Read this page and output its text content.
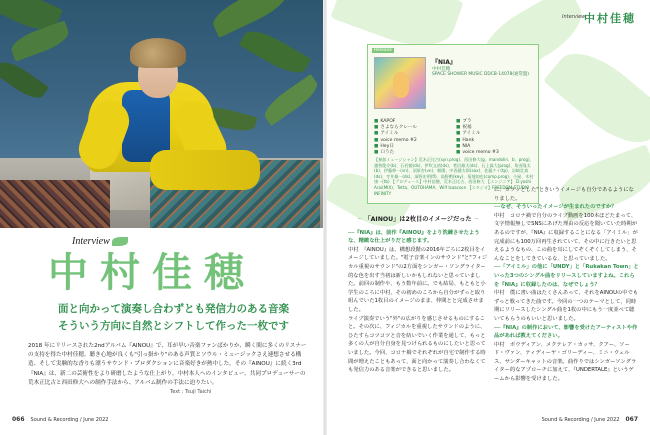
Interview
中村佳穂
面と向かって演奏し合わずとも発信力のある音楽
そういう方向に自然とシフトして作った一枚です
2018 年にリリースされた2ndアルバム『AINOU』で、耳が早い音楽ファンばかりか、瞬く間に多くのリスナーの支持を得た中村佳穂。聴き心地が良くも"引っ掛かり"のある声質とソウル・ミュージックさえ連想させる構造、そして実験的な香りも漂うサウンド・プロダクションに音楽好きが熱中した。その『AINOU』に続く3rd『NIA』は、新二の芸術性をより研磨したような仕上がり。中村本人へのインタビュー、共同プロデューサーの荒木正比古と西田修大への制作手法から、アルバム制作の手法に迫りたい。
Text : Tsuji Taichi
066 Sound & Recording / June 2022
Interview
中村佳穂
Release
『NIA』
中村佳穂
SPACE SHOWER MUSIC DDCB-14078(通常盤)
■ KAPOF
■ さよならクレール
■ アイミル
■ voice memo #2
■ Hey日
■ 口うた
■ ブラ
■ 祝福
■ アイミル
■ Hank
■ NIA
■ voice memo #3
【参加ミュージシャン】荒木正比古(syn.prog)、西田修大(g、mandolin、b、prog)、越智俊介(b)、石若駿(ds)、伊吹文裕(ds)、菅沼雄太(ds)、石上嵩大(prog)、角田隆太(b)、伊藤伸一(vn)、須原杏(vn)、朝陽、中西健太郎(sax)、佐藤ケイ(tp)、岩崎壮真(ds)、寺井雄一(ds)、深野宏明(fl)、高野勲(key)、菊地知也(comp.prog)、小屋、木村康一(tb) 【プロデュース】中村佳穂、荒木正比古、西田修大 【エンジニア】 D.yoshi Arai(MIX)、Tetta、OUTOHAMA、Wilf Isaacson 【スタジオ】FREEDOM STUDIO INFINITY
─ 「AINOU」は2枚目のイメージだった ─

──『NIA』は、前作『AINOU』をより洗練させたような、精緻な仕上がりだと感じます。

中村　『AINOU』は、構想段階の2016年ごろに2枚目をイメージしていました。"電子音楽インのサウンド"と"フィジカル重視のサウンド"の2方面をシンガー・ソングライター的な色を出す当初は新しいかもしれないと思っていました。前回の制作や、もう数年前に。でも結局、もともと小学生のころに中村、その初めのころから自分がずっと取り組んでいた1枚目のイメージのまま、仲間とと完成させました。

ライブ演奏でいう"外"の広がりを感じさせるものにすること。その次に、フィジカルを重視したサウンドのように、ひたすらコツコツと音を紡いでいく作業を通して、もっと多くの人が自分自身を見つけられるものにしたいと思っていました。今回、コロナ禍でそれぞれが自宅で制作する時間が増えたこともあって、面と向かって演奏し合わなくても発信力のある音楽ができると思いました。

に、カラッとした"ときいうイメージも自分であるようになりました。

──なぜ、そういったイメージが生まれたのですか？

中村　コロナ禍で自分のライブ動画を100本ほどたまって、文字情報無しでSNSにあげた理由の反応を聞いていた時期があるのですが、『NIA』に収録することになる「アイミル」が完成前にも100万回再生されていて、その中に行きたいと思えるようなもの、この曲を耳にしてぞくぞくしてしまう、そんなことをしてきているな、と思っていました。

──「アイミル」の他に「UNDY」と「Rukakan Town」といった3つのシングル曲をリリースしていますよね。これらを『NIA』に収録したのは、なぜでしょう？

中村　僕に書い曲はたくさんあって、それをAINOUの中でもずっと歌ってきた曲です。今回の一つのテーマとして、同時期にリリースしたシングル曲を1枚の中にもう一度並べて聴いてもらうのもいいと思いました。

──『NIA』の制作において、影響を受けたアーティストや作品があれば教えてください。

中村　ボウディアン、メクテレア・カッサ、クアー、ソード・ヴァン、ティディーヤ・ゴリーディー、ミニ・ウェルス、サンダーキャットの音楽。曲作りではシンガーソングライター的なアプローチに加えて、『UNDERTALE』というゲームから影響を受けました。

Sound & Recording / June 2022 067
